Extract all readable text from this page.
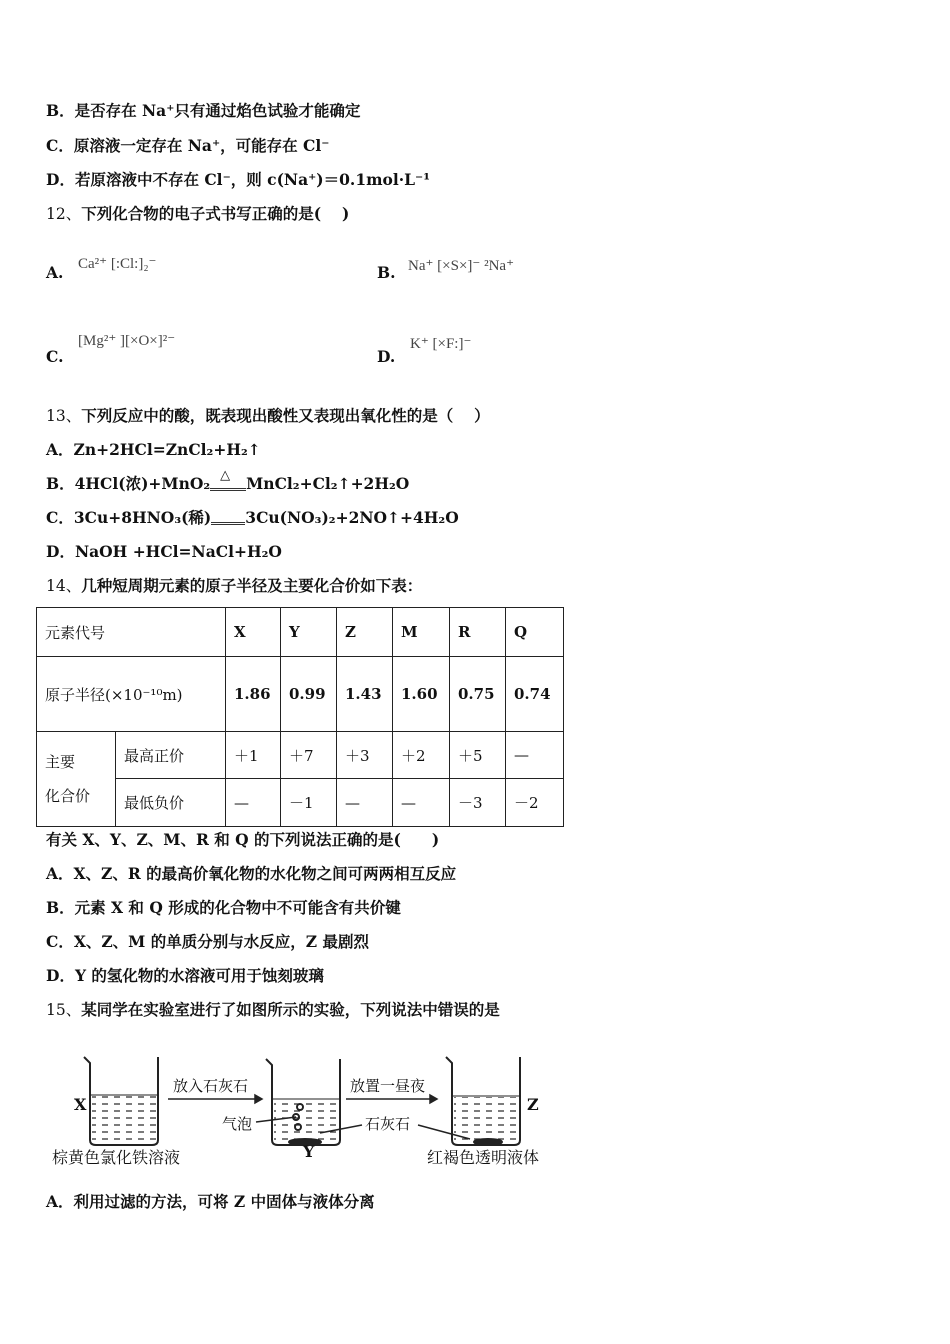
B．是否存在 Na⁺只有通过焰色试验才能确定
C．原溶液一定存在 Na⁺，可能存在 Cl⁻
D．若原溶液中不存在 Cl⁻，则 c(Na⁺)＝0.1mol·L⁻¹
12、下列化合物的电子式书写正确的是(　 )
A. Ca²⁺ [:Cl:]₂⁻	B. Na⁺ [×S×]⁻ ²Na⁺
C.
[Mg²⁺ ][×O×]²⁻
D.
K⁺ [×F:]⁻
13、下列反应中的酸，既表现出酸性又表现出氧化性的是（　 ）
A．Zn+2HCl=ZnCl₂+H₂↑
B．4HCl(浓)+MnO₂ △ MnCl₂+Cl₂↑+2H₂O
C．3Cu+8HNO₃(稀) 3Cu(NO₃)₂+2NO↑+4H₂O
D．NaOH +HCl=NaCl+H₂O
14、几种短周期元素的原子半径及主要化合价如下表：
元素代号		X	Y	Z	M	R	Q
原子半径(×10⁻¹⁰m)		1.86	0.99	1.43	1.60	0.75	0.74
主要
化合价	最高正价	＋1	＋7	＋3	＋2	＋5	—
	最低负价	—	－1	—	—	－3	－2
有关 X、Y、Z、M、R 和 Q 的下列说法正确的是(　　)
A．X、Z、R 的最高价氧化物的水化物之间可两两相互反应
B．元素 X 和 Q 形成的化合物中不可能含有共价键
C．X、Z、M 的单质分别与水反应，Z 最剧烈
D．Y 的氢化物的水溶液可用于蚀刻玻璃
15、某同学在实验室进行了如图所示的实验，下列说法中错误的是
X
Y
Z
放入石灰石	放置一昼夜
气泡	石灰石
棕黄色氯化铁溶液	红褐色透明液体
A．利用过滤的方法，可将 Z 中固体与液体分离
